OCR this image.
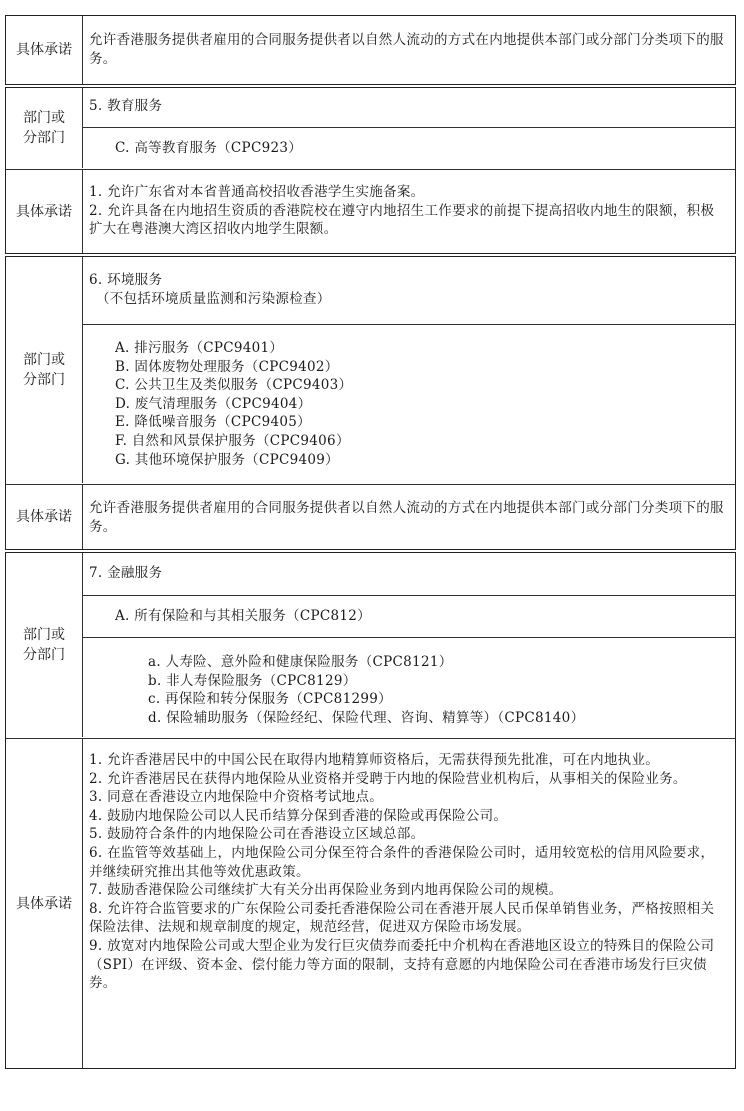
具体承诺

允许香港服务提供者雇用的合同服务提供者以自然人流动的方式在内地提供本部门或分部门分类项下的服务。

部门或
分部门
具体承诺

5. 教育服务

C. 高等教育服务（CPC923）

1. 允许广东省对本省普通高校招收香港学生实施备案。

2. 允许具备在内地招生资质的香港院校在遵守内地招生工作要求的前提下提高招收内地生的限额，积极扩大在粤港澳大湾区招收内地学生限额。

部门或
分部门
具体承诺

6. 环境服务

（不包括环境质量监测和污染源检查）

A. 排污服务（CPC9401）

B. 固体废物处理服务（CPC9402）

C. 公共卫生及类似服务（CPC9403）

D. 废气清理服务（CPC9404）

E. 降低噪音服务（CPC9405）

F. 自然和风景保护服务（CPC9406）

G. 其他环境保护服务（CPC9409）

允许香港服务提供者雇用的合同服务提供者以自然人流动的方式在内地提供本部门或分部门分类项下的服务。

部门或
分部门
具体承诺

7. 金融服务

A. 所有保险和与其相关服务（CPC812）

a. 人寿险、意外险和健康保险服务（CPC8121）

b. 非人寿保险服务（CPC8129）

c. 再保险和转分保服务（CPC81299）

d. 保险辅助服务（保险经纪、保险代理、咨询、精算等）（CPC8140）

1. 允许香港居民中的中国公民在取得内地精算师资格后，无需获得预先批准，可在内地执业。

2. 允许香港居民在获得内地保险从业资格并受聘于内地的保险营业机构后，从事相关的保险业务。

3. 同意在香港设立内地保险中介资格考试地点。

4. 鼓励内地保险公司以人民币结算分保到香港的保险或再保险公司。

5. 鼓励符合条件的内地保险公司在香港设立区域总部。

6. 在监管等效基础上，内地保险公司分保至符合条件的香港保险公司时，适用较宽松的信用风险要求，并继续研究推出其他等效优惠政策。

7. 鼓励香港保险公司继续扩大有关分出再保险业务到内地再保险公司的规模。

8. 允许符合监管要求的广东保险公司委托香港保险公司在香港开展人民币保单销售业务，严格按照相关保险法律、法规和规章制度的规定，规范经营，促进双方保险市场发展。

9. 放宽对内地保险公司或大型企业为发行巨灾债券而委托中介机构在香港地区设立的特殊目的保险公司（SPI）在评级、资本金、偿付能力等方面的限制，支持有意愿的内地保险公司在香港市场发行巨灾债券。
